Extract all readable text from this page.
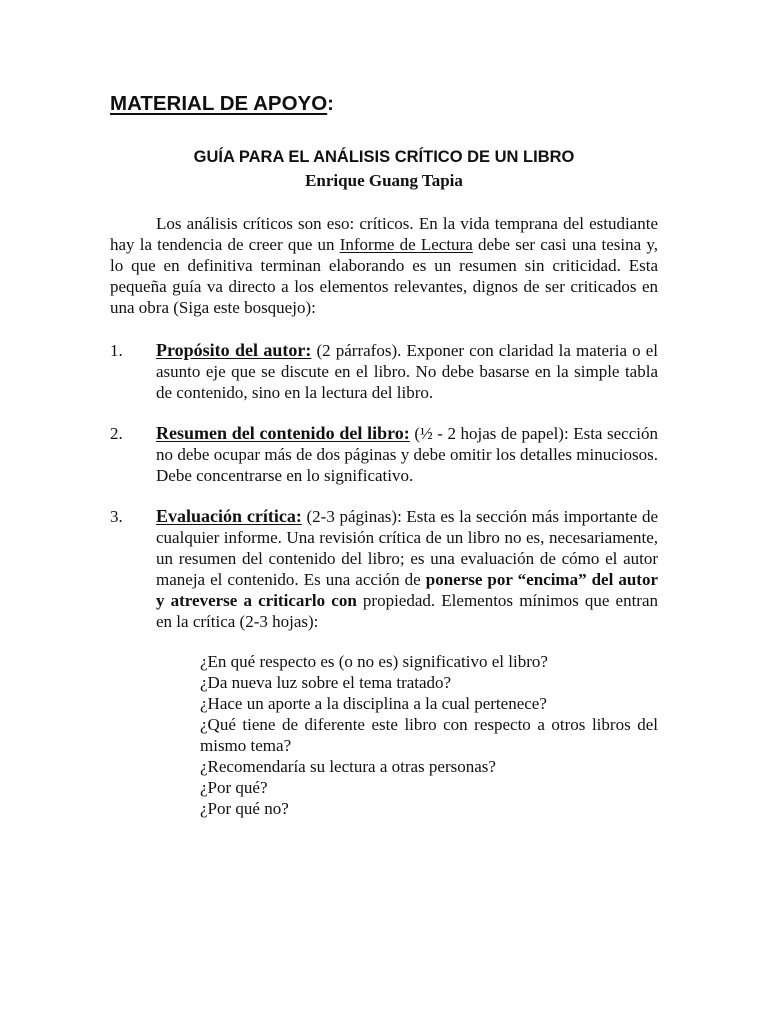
MATERIAL DE APOYO:
GUÍA PARA EL ANÁLISIS CRÍTICO DE UN LIBRO
Enrique Guang Tapia

Los análisis críticos son eso: críticos. En la vida temprana del estudiante hay la tendencia de creer que un Informe de Lectura debe ser casi una tesina y, lo que en definitiva terminan elaborando es un resumen sin criticidad. Esta pequeña guía va directo a los elementos relevantes, dignos de ser criticados en una obra (Siga este bosquejo):

1. Propósito del autor: (2 párrafos). Exponer con claridad la materia o el asunto eje que se discute en el libro. No debe basarse en la simple tabla de contenido, sino en la lectura del libro.

2. Resumen del contenido del libro: (½ - 2 hojas de papel): Esta sección no debe ocupar más de dos páginas y debe omitir los detalles minuciosos. Debe concentrarse en lo significativo.

3. Evaluación crítica: (2-3 páginas): Esta es la sección más importante de cualquier informe. Una revisión crítica de un libro no es, necesariamente, un resumen del contenido del libro; es una evaluación de cómo el autor maneja el contenido. Es una acción de ponerse por “encima” del autor y atreverse a criticarlo con propiedad. Elementos mínimos que entran en la crítica (2-3 hojas):

¿En qué respecto es (o no es) significativo el libro?
¿Da nueva luz sobre el tema tratado?
¿Hace un aporte a la disciplina a la cual pertenece?
¿Qué tiene de diferente este libro con respecto a otros libros del mismo tema?
¿Recomendaría su lectura a otras personas?
¿Por qué?
¿Por qué no?
